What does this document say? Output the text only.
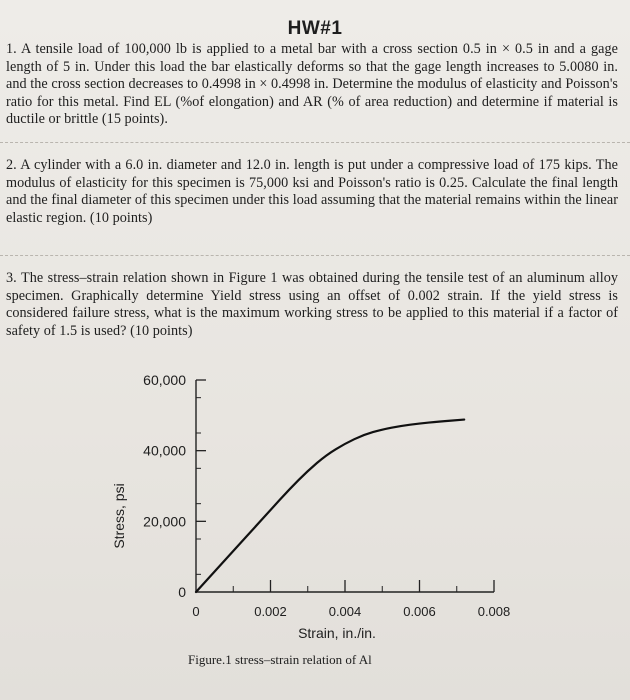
HW#1
1. A tensile load of 100,000 lb is applied to a metal bar with a cross section 0.5 in × 0.5 in and a gage length of 5 in. Under this load the bar elastically deforms so that the gage length increases to 5.0080 in. and the cross section decreases to 0.4998 in × 0.4998 in. Determine the modulus of elasticity and Poisson's ratio for this metal. Find EL (%of elongation) and AR (% of area reduction) and determine if material is ductile or brittle (15 points).
2. A cylinder with a 6.0 in. diameter and 12.0 in. length is put under a compressive load of 175 kips. The modulus of elasticity for this specimen is 75,000 ksi and Poisson's ratio is 0.25. Calculate the final length and the final diameter of this specimen under this load assuming that the material remains within the linear elastic region. (10 points)
3. The stress–strain relation shown in Figure 1 was obtained during the tensile test of an aluminum alloy specimen. Graphically determine Yield stress using an offset of 0.002 strain. If the yield stress is considered failure stress, what is the maximum working stress to be applied to this material if a factor of safety of 1.5 is used? (10 points)
0
20,000
40,000
60,000
0	0.002	0.004	0.006	0.008
Strain, in./in.
Stress, psi
Figure.1 stress–strain relation of Al
